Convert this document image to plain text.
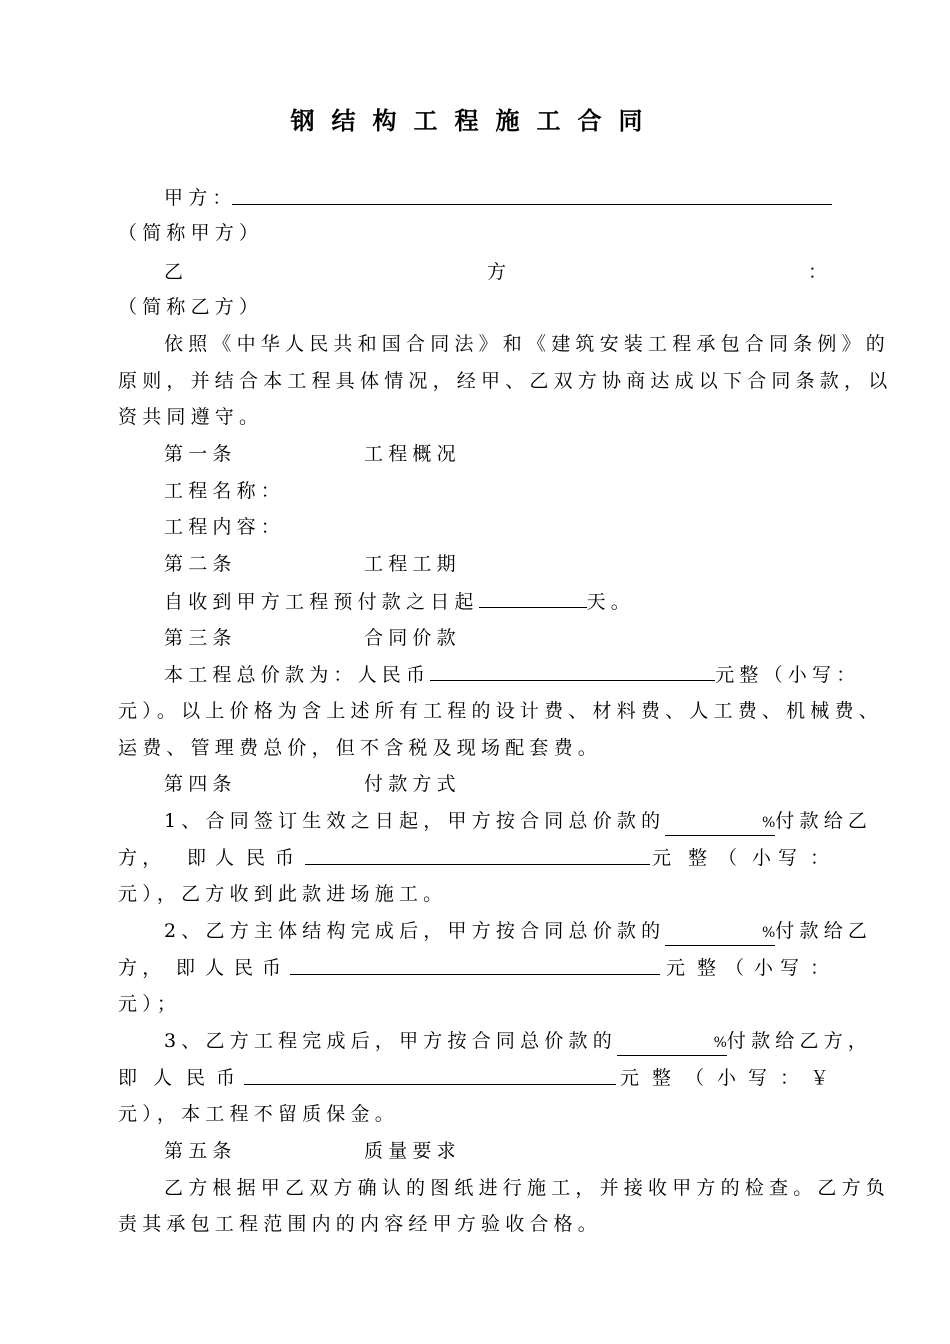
钢结构工程施工合同
甲方：
（简称甲方）
乙	方	：
（简称乙方）
依照《中华人民共和国合同法》和《建筑安装工程承包合同条例》的
原则，并结合本工程具体情况，经甲、乙双方协商达成以下合同条款，以
资共同遵守。
第一条	工程概况
工程名称：
工程内容：
第二条	工程工期
自收到甲方工程预付款之日起	天。
第三条	合同价款
本工程总价款为：人民币	元整（小写：
元）。以上价格为含上述所有工程的设计费、材料费、人工费、机械费、
运费、管理费总价，但不含税及现场配套费。
第四条	付款方式
1、合同签订生效之日起，甲方按合同总价款的	%付款给乙
方， 即 人 民 币	元 整 （ 小 写 ：
元），乙方收到此款进场施工。
2、乙方主体结构完成后，甲方按合同总价款的	%付款给乙
方， 即 人 民 币	元 整 （ 小 写 ：
元）；
3、乙方工程完成后，甲方按合同总价款的	%付款给乙方，
即 人 民 币	元 整 （ 小 写 ： ￥
元），本工程不留质保金。
第五条	质量要求
乙方根据甲乙双方确认的图纸进行施工，并接收甲方的检查。乙方负
责其承包工程范围内的内容经甲方验收合格。
